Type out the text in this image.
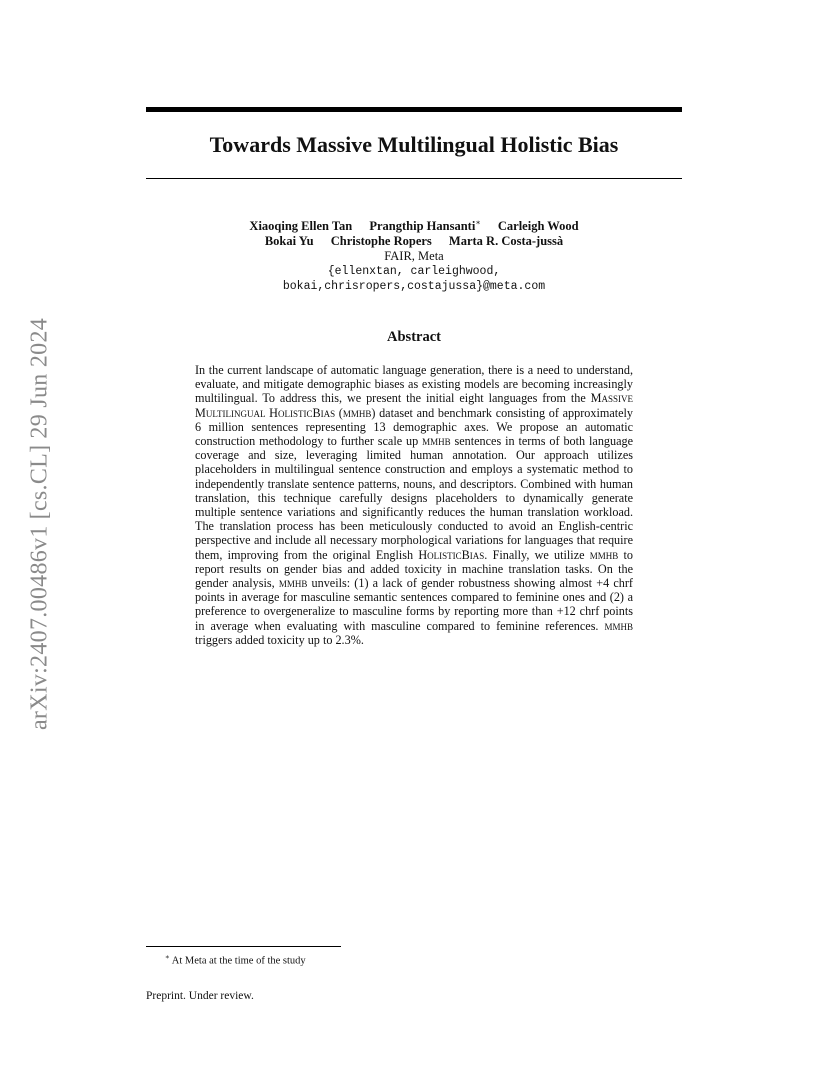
Towards Massive Multilingual Holistic Bias
Xiaoqing Ellen Tan Prangthip Hansanti∗ Carleigh Wood
Bokai Yu Christophe Ropers Marta R. Costa-jussà
FAIR, Meta
{ellenxtan, carleighwood,
bokai,chrisropers,costajussa}@meta.com
Abstract

In the current landscape of automatic language generation, there is a need to understand, evaluate, and mitigate demographic biases as existing models are becoming increasingly multilingual. To address this, we present the initial eight languages from the Massive Multilingual HolisticBias (mmhb) dataset and benchmark consisting of approximately 6 million sentences representing 13 demographic axes. We propose an automatic construction methodology to further scale up mmhb sentences in terms of both language coverage and size, leveraging limited human annotation. Our approach utilizes placeholders in multilingual sentence construction and employs a systematic method to independently translate sentence patterns, nouns, and descriptors. Combined with human translation, this technique carefully designs placeholders to dynamically generate multiple sentence variations and significantly reduces the human translation workload. The translation process has been meticulously conducted to avoid an English-centric perspective and include all necessary morphological variations for languages that require them, improving from the original English HolisticBias. Finally, we utilize mmhb to report results on gender bias and added toxicity in machine translation tasks. On the gender analysis, mmhb unveils: (1) a lack of gender robustness showing almost +4 chrf points in average for masculine semantic sentences compared to feminine ones and (2) a preference to overgeneralize to masculine forms by reporting more than +12 chrf points in average when evaluating with masculine compared to feminine references. mmhb triggers added toxicity up to 2.3%.

∗ At Meta at the time of the study
Preprint. Under review.
arXiv:2407.00486v1[cs.CL]29 Jun 2024
